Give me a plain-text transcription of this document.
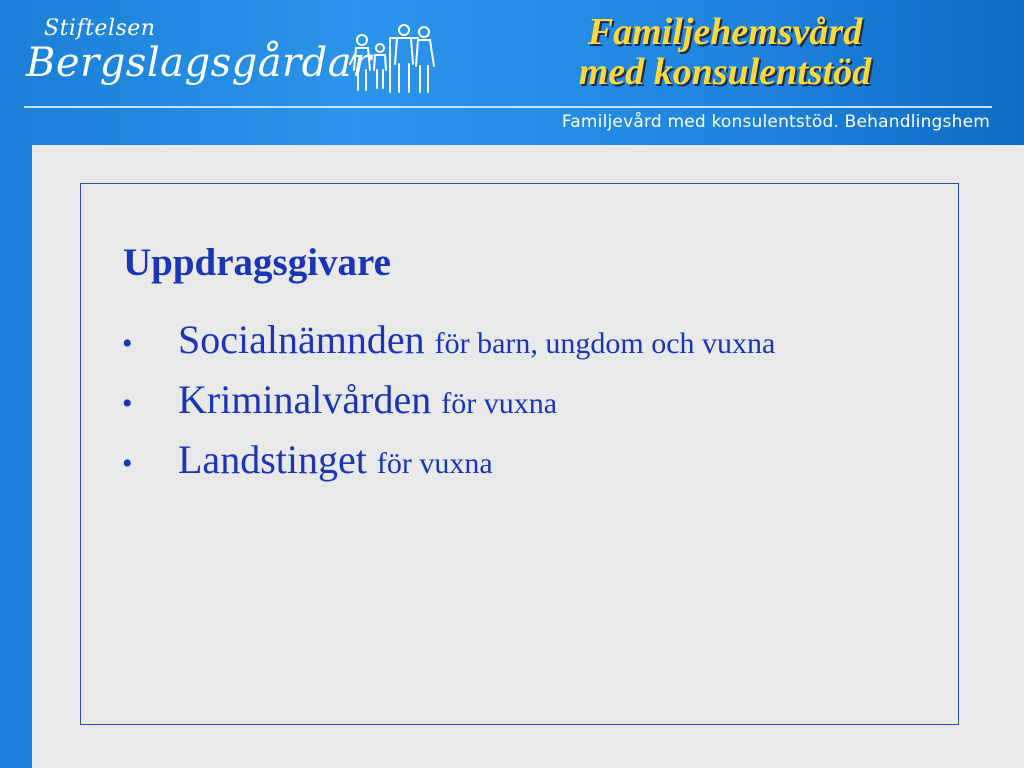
Stiftelsen
Bergslagsgårdar
Familjehemsvård
med konsulentstöd
Familjevård med konsulentstöd. Behandlingshem
Uppdragsgivare
•	Socialnämnden för barn, ungdom och vuxna
•	Kriminalvården för vuxna
•	Landstinget för vuxna
